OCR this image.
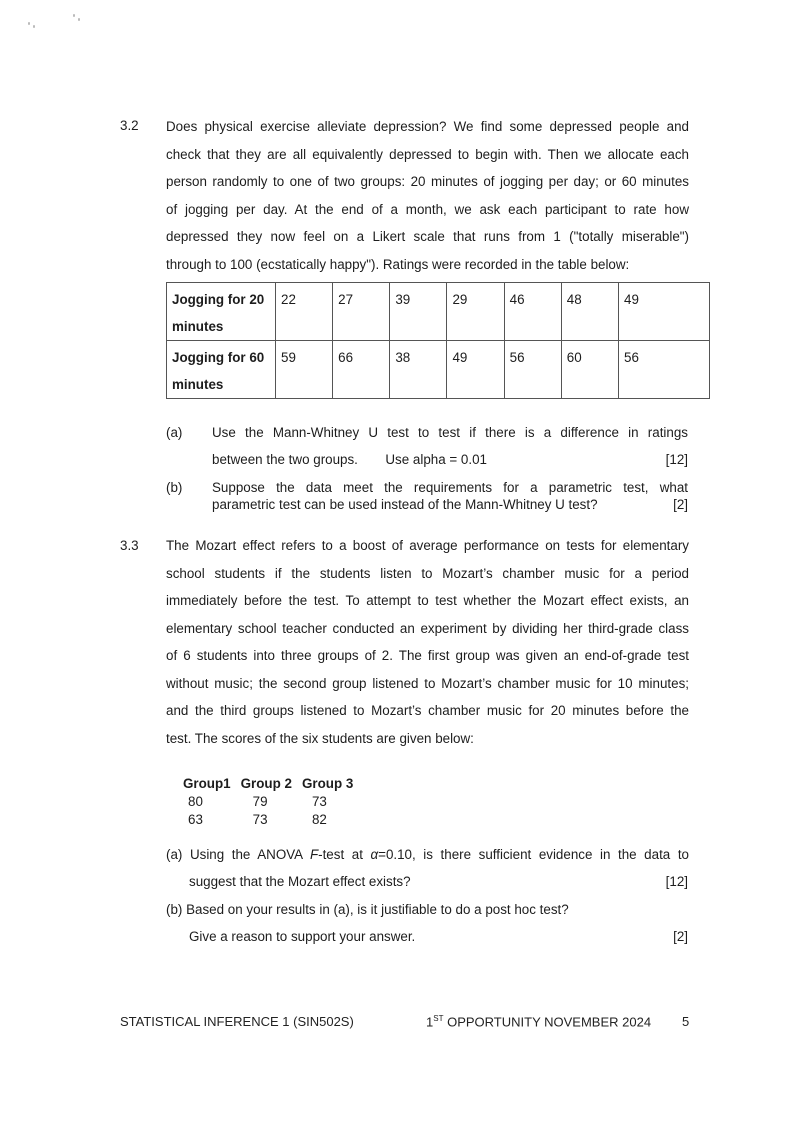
3.2 Does physical exercise alleviate depression? We find some depressed people and
check that they are all equivalently depressed to begin with. Then we allocate each
person randomly to one of two groups: 20 minutes of jogging per day; or 60 minutes
of jogging per day. At the end of a month, we ask each participant to rate how
depressed they now feel on a Likert scale that runs from 1 ("totally miserable")
through to 100 (ecstatically happy"). Ratings were recorded in the table below:
Jogging for 20
minutes	22	27	39	29	46	48	49
Jogging for 60
minutes	59	66	38	49	56	60	56
(a) Use the Mann-Whitney U test to test if there is a difference in ratings
between the two groups. Use alpha = 0.01	[12]
(b) Suppose the data meet the requirements for a parametric test, what
parametric test can be used instead of the Mann-Whitney U test?	[2]
3.3 The Mozart effect refers to a boost of average performance on tests for elementary
school students if the students listen to Mozart’s chamber music for a period
immediately before the test. To attempt to test whether the Mozart effect exists, an
elementary school teacher conducted an experiment by dividing her third-grade class
of 6 students into three groups of 2. The first group was given an end-of-grade test
without music; the second group listened to Mozart’s chamber music for 10 minutes;
and the third groups listened to Mozart’s chamber music for 20 minutes before the
test. The scores of the six students are given below:
Group1	Group 2	Group 3
80	79	73
63	73	82
(a) Using the ANOVA F-test at α=0.10, is there sufficient evidence in the data to
suggest that the Mozart effect exists?	[12]
(b) Based on your results in (a), is it justifiable to do a post hoc test?
Give a reason to support your answer.	[2]
STATISTICAL INFERENCE 1 (SIN502S)	1ST OPPORTUNITY NOVEMBER 2024 5
